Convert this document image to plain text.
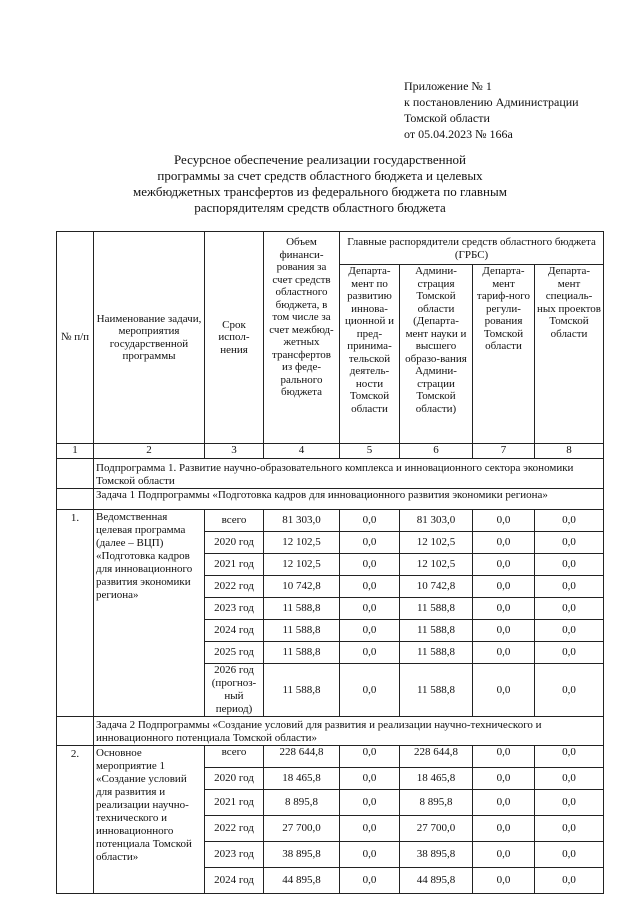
Приложение № 1
к постановлению Администрации
Томской области
от 05.04.2023 № 166а
Ресурсное обеспечение реализации государственной
программы за счет средств областного бюджета и целевых
межбюджетных трансфертов из федерального бюджета по главным
распорядителям средств областного бюджета
№ п/п	Наименование задачи, мероприятия государственной программы	Срок испол-нения	Объем финанси-рования за счет средств областного бюджета, в том числе за счет межбюд-жетных трансфертов из феде-рального бюджета	Главные распорядители средств областного бюджета (ГРБС)			
				Департа-мент по развитию иннова-ционной и пред-принима-тельской деятель-ности Томской области	Админи-страция Томской области (Департа-мент науки и высшего образо-вания Админи-страции Томской области)	Департа-мент тариф-ного регули-рования Томской области	Департа-мент специаль-ных проектов Томской области
1	2	3	4	5	6	7	8
	Подпрограмма 1. Развитие научно-образовательного комплекса и инновационного сектора экономики Томской области						
	Задача 1 Подпрограммы «Подготовка кадров для инновационного развития экономики региона»						
1.	Ведомственная целевая программа (далее – ВЦП) «Подготовка кадров для инновационного развития экономики региона»	всего	81 303,0	0,0	81 303,0	0,0	0,0
		2020 год	12 102,5	0,0	12 102,5	0,0	0,0
		2021 год	12 102,5	0,0	12 102,5	0,0	0,0
		2022 год	10 742,8	0,0	10 742,8	0,0	0,0
		2023 год	11 588,8	0,0	11 588,8	0,0	0,0
		2024 год	11 588,8	0,0	11 588,8	0,0	0,0
		2025 год	11 588,8	0,0	11 588,8	0,0	0,0
		2026 год (прогноз-ный период)	11 588,8	0,0	11 588,8	0,0	0,0
	Задача 2 Подпрограммы «Создание условий для развития и реализации научно-технического и инновационного потенциала Томской области»						
2.	Основное мероприятие 1 «Создание условий для развития и реализации научно-технического и инновационного потенциала Томской области»	всего	228 644,8	0,0	228 644,8	0,0	0,0
		2020 год	18 465,8	0,0	18 465,8	0,0	0,0
		2021 год	8 895,8	0,0	8 895,8	0,0	0,0
		2022 год	27 700,0	0,0	27 700,0	0,0	0,0
		2023 год	38 895,8	0,0	38 895,8	0,0	0,0
		2024 год	44 895,8	0,0	44 895,8	0,0	0,0
